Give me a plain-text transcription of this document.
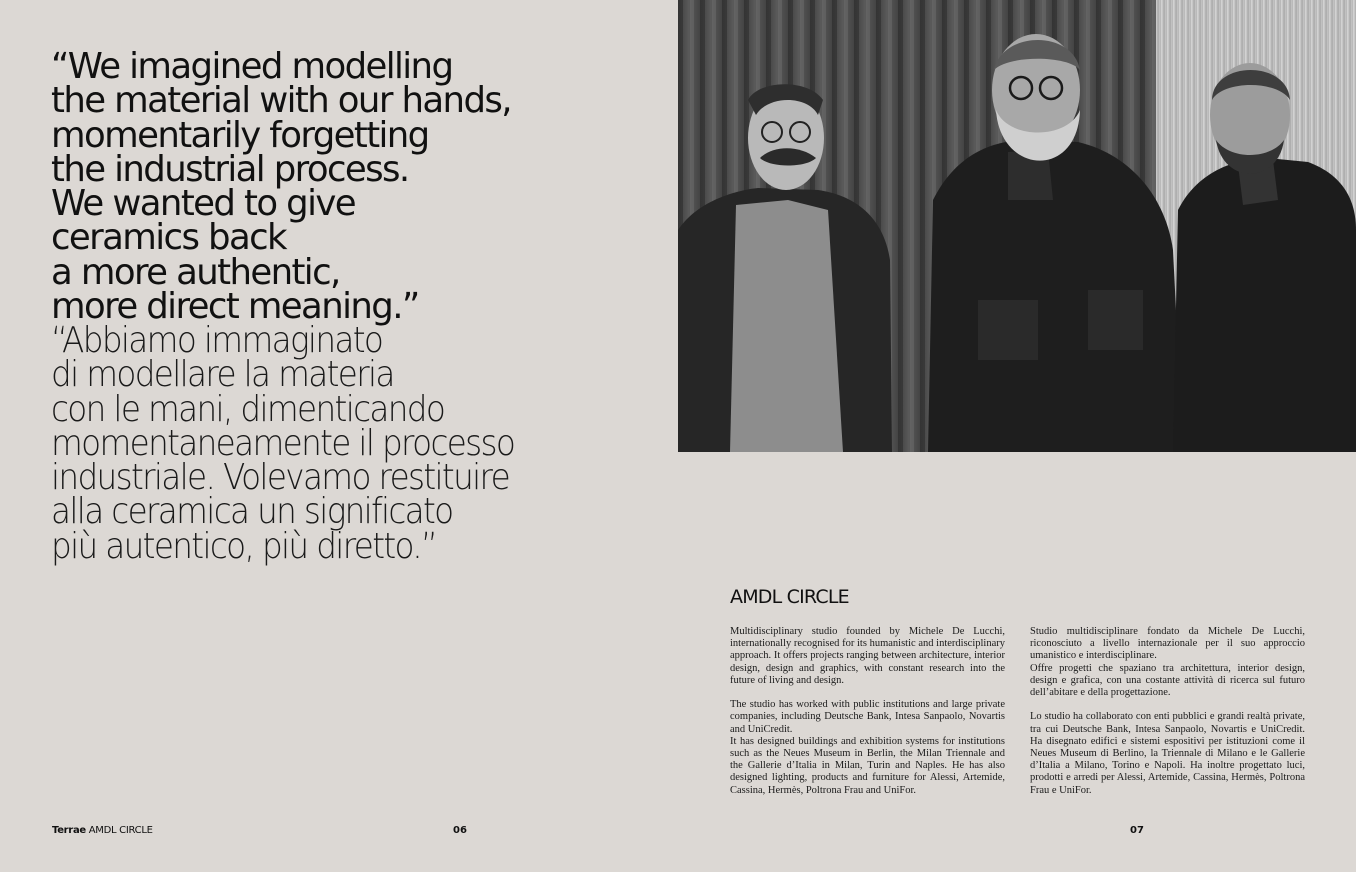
“We imagined modelling
the material with our hands,
momentarily forgetting
the industrial process.
We wanted to give
ceramics back
a more authentic,
more direct meaning.”
“Abbiamo immaginato
di modellare la materia
con le mani, dimenticando
momentaneamente il processo
industriale. Volevamo restituire
alla ceramica un significato
più autentico, più diretto.”
AMDL CIRCLE

Multidisciplinary studio founded by Michele De Lucchi, internationally recognised for its humanistic and interdisciplinary approach. It offers projects ranging between architecture, interior design, design and graphics, with constant research into the future of living and design.

The studio has worked with public institutions and large private companies, including Deutsche Bank, Intesa Sanpaolo, Novartis and UniCredit.

It has designed buildings and exhibition systems for institutions such as the Neues Museum in Berlin, the Milan Triennale and the Gallerie d’Italia in Milan, Turin and Naples. He has also designed lighting, products and furniture for Alessi, Artemide, Cassina, Hermès, Poltrona Frau and UniFor.

Studio multidisciplinare fondato da Michele De Lucchi, riconosciuto a livello internazionale per il suo approccio umanistico e interdisciplinare.

Offre progetti che spaziano tra architettura, interior design, design e grafica, con una costante attività di ricerca sul futuro dell’abitare e della progettazione.

Lo studio ha collaborato con enti pubblici e grandi realtà private, tra cui Deutsche Bank, Intesa Sanpaolo, Novartis e UniCredit. Ha disegnato edifici e sistemi espositivi per istituzioni come il Neues Museum di Berlino, la Triennale di Milano e le Gallerie d’Italia a Milano, Torino e Napoli. Ha inoltre progettato luci, prodotti e arredi per Alessi, Artemide, Cassina, Hermès, Poltrona Frau e UniFor.

Terrae AMDL CIRCLE	06	07
